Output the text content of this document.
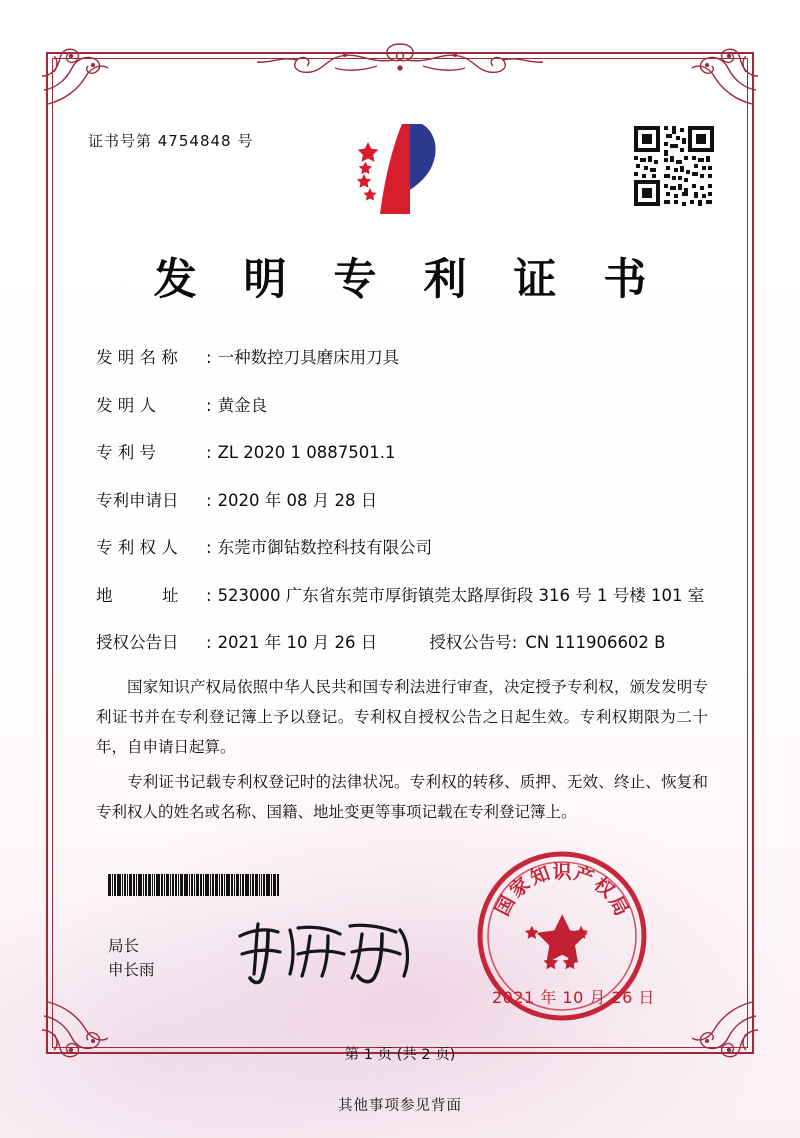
证书号第 4754848 号
发 明 专 利 证 书
发 明 名 称	: 一种数控刀具磨床用刀具
发 明 人	: 黄金良
专 利 号	: ZL 2020 1 0887501.1
专利申请日	: 2020 年 08 月 28 日
专 利 权 人	: 东莞市御钻数控科技有限公司
地　　　址	: 523000 广东省东莞市厚街镇莞太路厚街段 316 号 1 号楼 101 室
授权公告日	: 2021 年 10 月 26 日	授权公告号: CN 111906602 B

国家知识产权局依照中华人民共和国专利法进行审查，决定授予专利权，颁发发明专利证书并在专利登记簿上予以登记。专利权自授权公告之日起生效。专利权期限为二十年，自申请日起算。

专利证书记载专利权登记时的法律状况。专利权的转移、质押、无效、终止、恢复和专利权人的姓名或名称、国籍、地址变更等事项记载在专利登记簿上。

局长
申长雨
国
家
知 识 产
权
局
2021 年 10 月 26 日
第 1 页 (共 2 页)
其他事项参见背面
